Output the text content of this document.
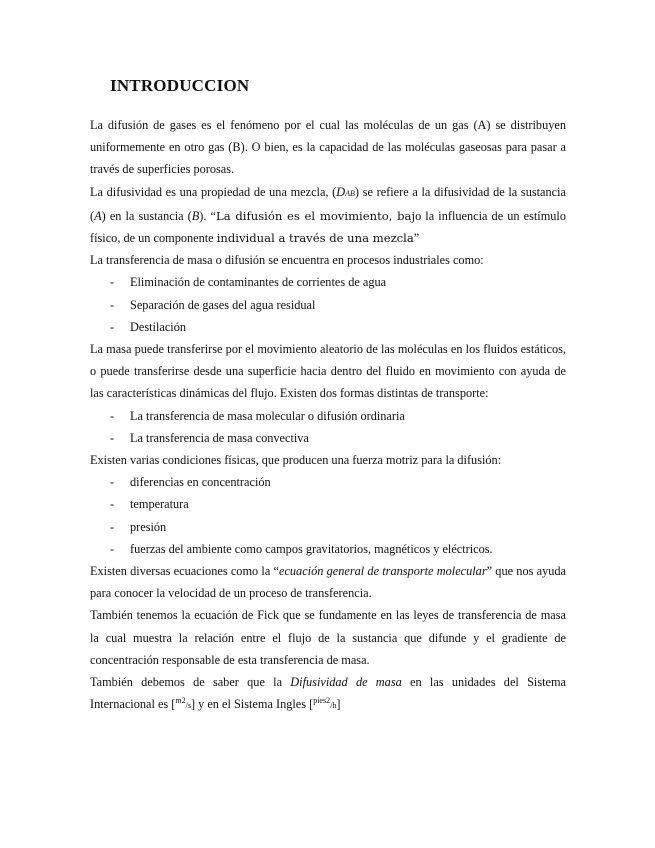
INTRODUCCION

La difusión de gases es el fenómeno por el cual las moléculas de un gas (A) se distribuyen uniformemente en otro gas (B). O bien, es la capacidad de las moléculas gaseosas para pasar a través de superficies porosas.

La difusividad es una propiedad de una mezcla, (DAB) se refiere a la difusividad de la sustancia (A) en la sustancia (B). “La difusión es el movimiento, bajo la influencia de un estímulo físico, de un componente individual a través de una mezcla”

La transferencia de masa o difusión se encuentra en procesos industriales como:

- Eliminación de contaminantes de corrientes de agua
- Separación de gases del agua residual
- Destilación

La masa puede transferirse por el movimiento aleatorio de las moléculas en los fluidos estáticos, o puede transferirse desde una superficie hacia dentro del fluido en movimiento con ayuda de las características dinámicas del flujo. Existen dos formas distintas de transporte:

- La transferencia de masa molecular o difusión ordinaria
- La transferencia de masa convectiva

Existen varias condiciones físicas, que producen una fuerza motriz para la difusión:

- diferencias en concentración
- temperatura
- presión
- fuerzas del ambiente como campos gravitatorios, magnéticos y eléctricos.

Existen diversas ecuaciones como la “ecuación general de transporte molecular” que nos ayuda para conocer la velocidad de un proceso de transferencia.

También tenemos la ecuación de Fick que se fundamente en las leyes de transferencia de masa la cual muestra la relación entre el flujo de la sustancia que difunde y el gradiente de concentración responsable de esta transferencia de masa.

También debemos de saber que la Difusividad de masa en las unidades del Sistema Internacional es [$^{m2}$/s] y en el Sistema Ingles [$^{pies2}$/h]
